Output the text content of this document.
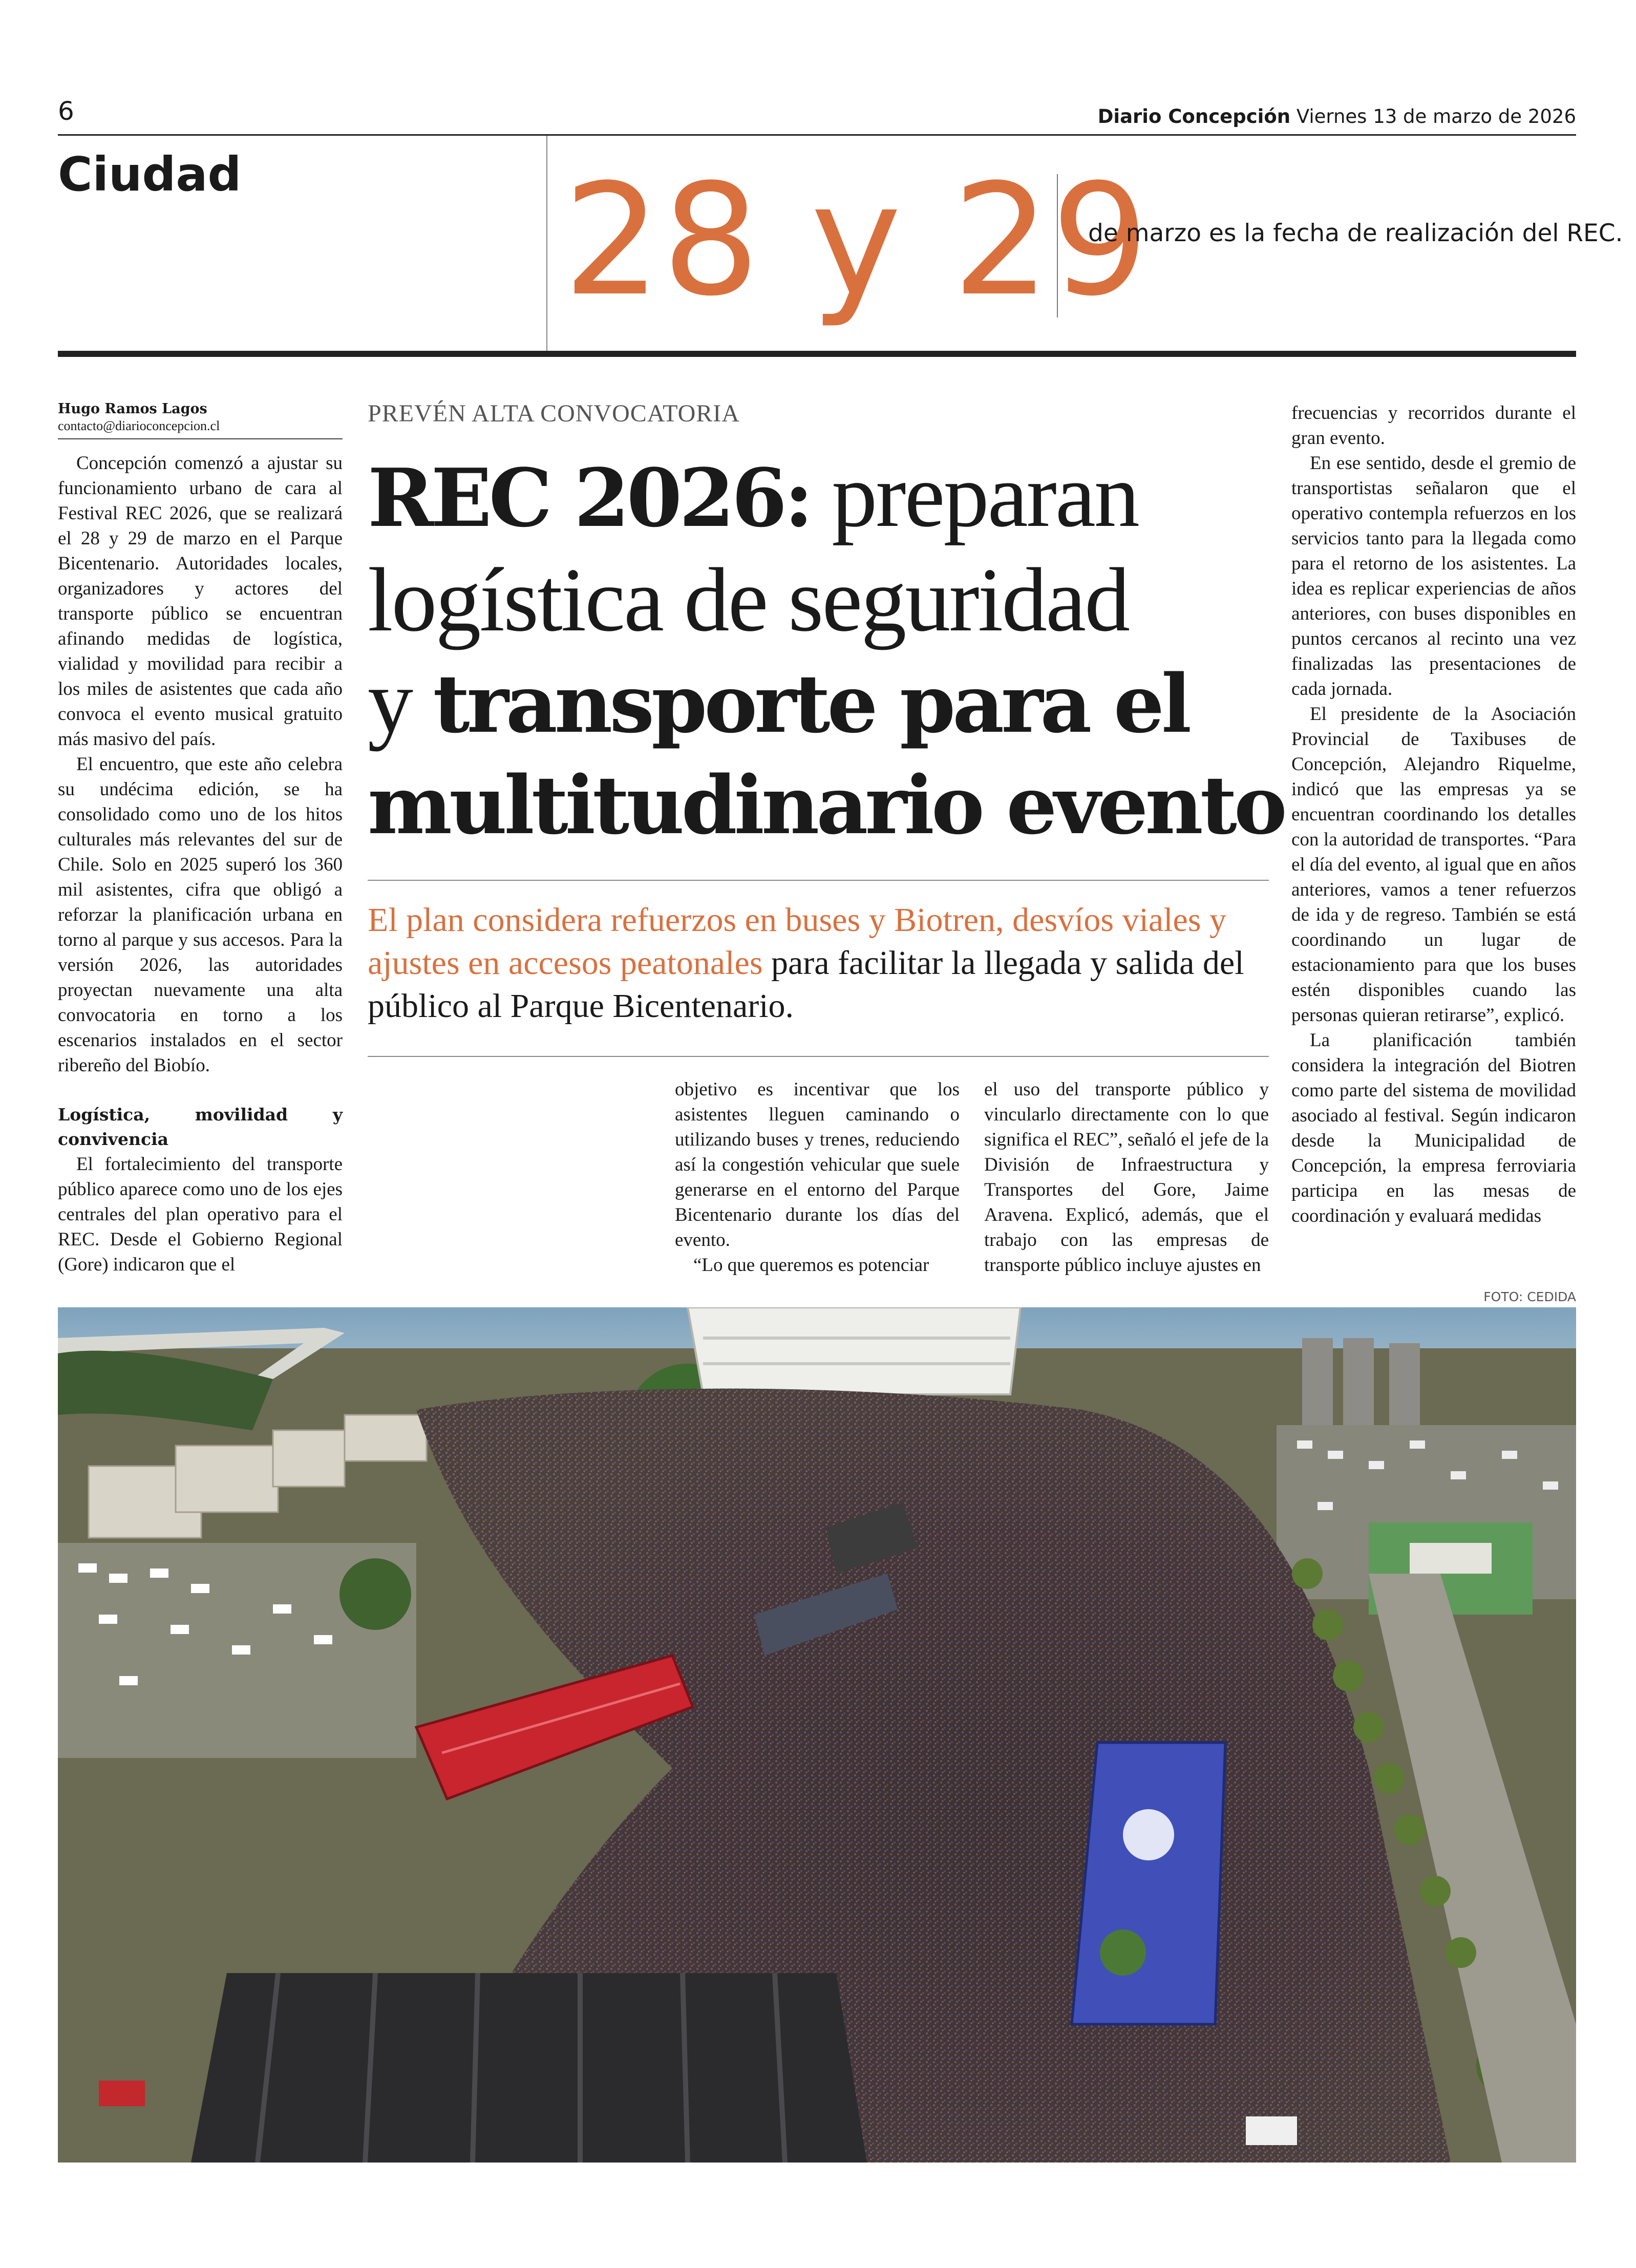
6	Diario Concepción Viernes 13 de marzo de 2026
Ciudad 28 y 29
de marzo es la fecha de realización del REC.
Hugo Ramos Lagos
contacto@diarioconcepcion.cl

Concepción comenzó a ajustar su funcionamiento urbano de cara al Festival REC 2026, que se realizará el 28 y 29 de marzo en el Parque Bicentenario. Autoridades locales, organizadores y actores del transporte público se encuentran afinando medidas de logística, vialidad y movilidad para recibir a los miles de asistentes que cada año convoca el evento musical gratuito más masivo del país.

El encuentro, que este año celebra su undécima edición, se ha consolidado como uno de los hitos culturales más relevantes del sur de Chile. Solo en 2025 superó los 360 mil asistentes, cifra que obligó a reforzar la planificación urbana en torno al parque y sus accesos. Para la versión 2026, las autoridades proyectan nuevamente una alta convocatoria en torno a los escenarios instalados en el sector ribereño del Biobío.

Logística, movilidad y convivencia

El fortalecimiento del transporte público aparece como uno de los ejes centrales del plan operativo para el REC. Desde el Gobierno Regional (Gore) indicaron que el

PREVÉN ALTA CONVOCATORIA
REC 2026: preparan
logística de seguridad
y transporte para el
multitudinario evento
El plan considera refuerzos en buses y Biotren, desvíos viales y ajustes en accesos peatonales para facilitar la llegada y salida del público al Parque Bicentenario.

objetivo es incentivar que los asistentes lleguen caminando o utilizando buses y trenes, reduciendo así la congestión vehicular que suele generarse en el entorno del Parque Bicentenario durante los días del evento.

“Lo que queremos es potenciar

el uso del transporte público y vincularlo directamente con lo que significa el REC”, señaló el jefe de la División de Infraestructura y Transportes del Gore, Jaime Aravena. Explicó, además, que el trabajo con las empresas de transporte público incluye ajustes en

frecuencias y recorridos durante el gran evento.

En ese sentido, desde el gremio de transportistas señalaron que el operativo contempla refuerzos en los servicios tanto para la llegada como para el retorno de los asistentes. La idea es replicar experiencias de años anteriores, con buses disponibles en puntos cercanos al recinto una vez finalizadas las presentaciones de cada jornada.

El presidente de la Asociación Provincial de Taxibuses de Concepción, Alejandro Riquelme, indicó que las empresas ya se encuentran coordinando los detalles con la autoridad de transportes. “Para el día del evento, al igual que en años anteriores, vamos a tener refuerzos de ida y de regreso. También se está coordinando un lugar de estacionamiento para que los buses estén disponibles cuando las personas quieran retirarse”, explicó.

La planificación también considera la integración del Biotren como parte del sistema de movilidad asociado al festival. Según indicaron desde la Municipalidad de Concepción, la empresa ferroviaria participa en las mesas de coordinación y evaluará medidas

FOTO: CEDIDA
